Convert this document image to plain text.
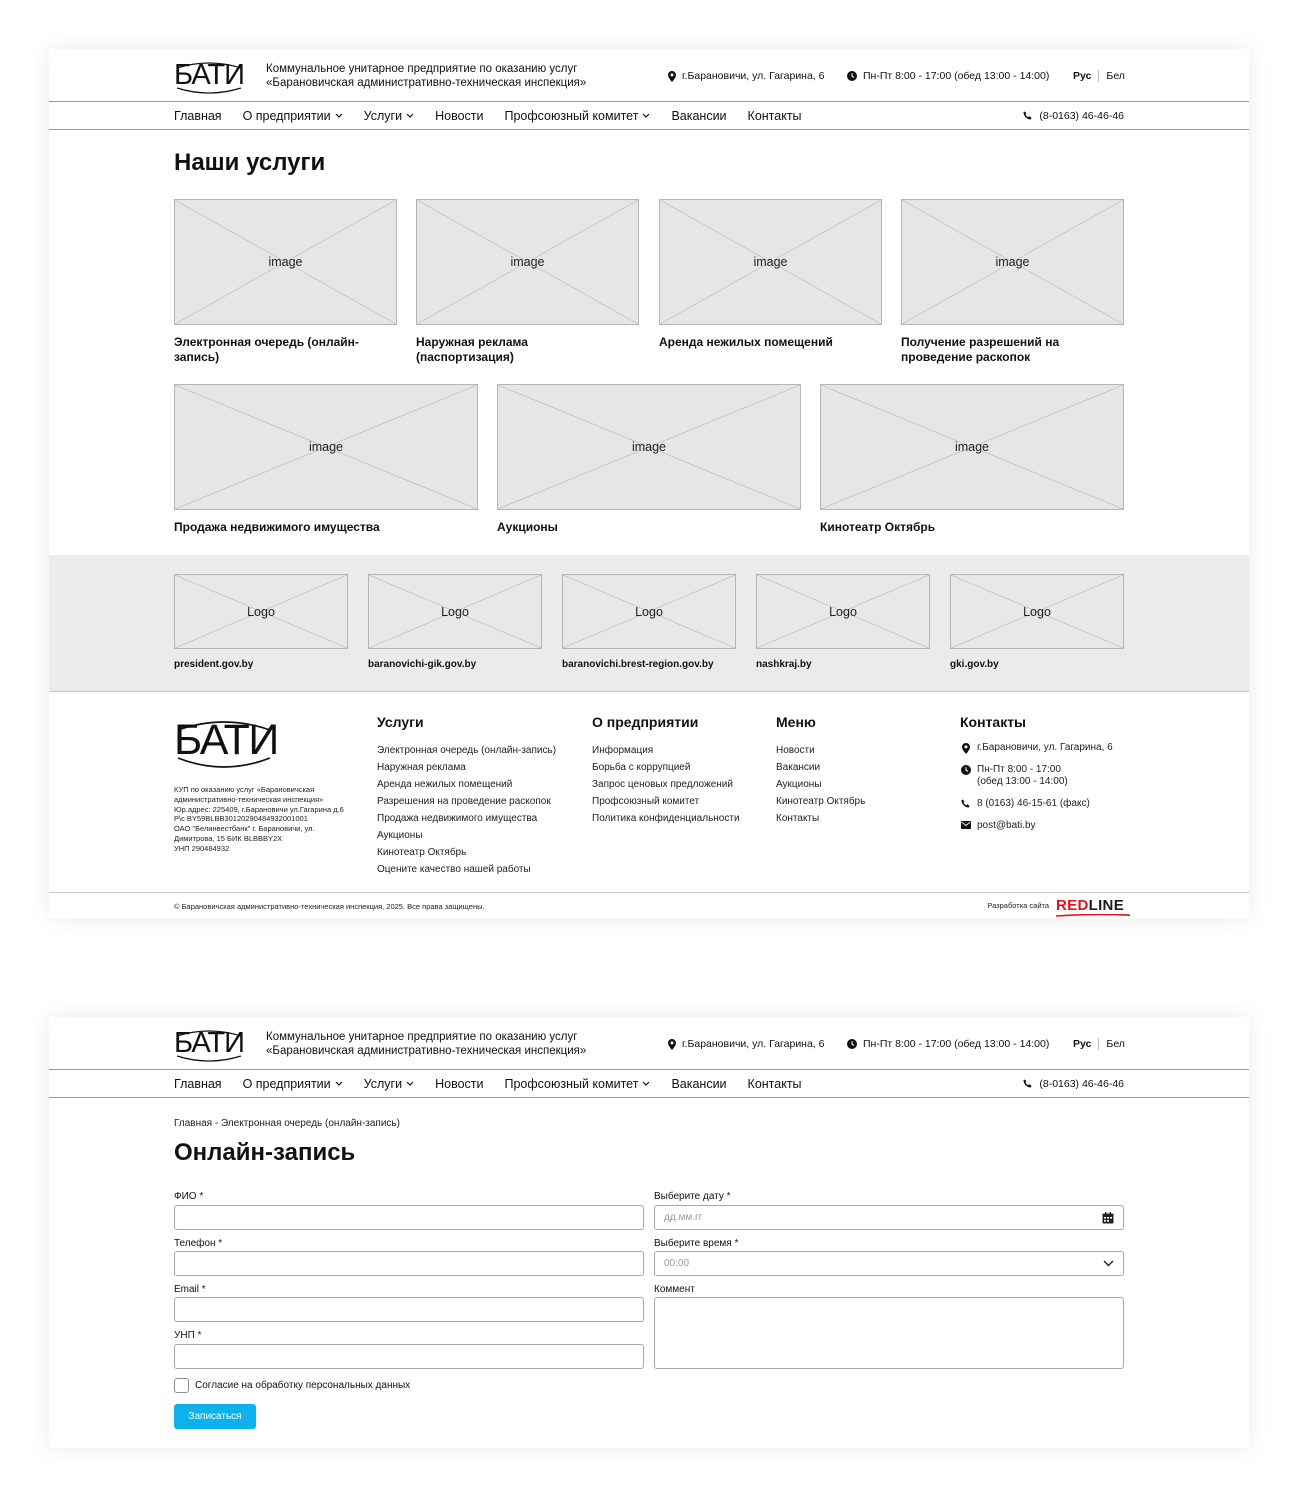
БАТИ Коммунальное унитарное предприятие по оказанию услуг
«Барановичская административно-техническая инспекция»
г.Барановичи, ул. Гагарина, 6	Пн-Пт 8:00 - 17:00 (обед 13:00 - 14:00) Рус Бел
Главная О предприятии	Услуги	Новости Профсоюзный комитет	Вакансии Контакты	(8-0163) 46-46-46
Наши услуги
image
Электронная очередь (онлайн-запись)
image
Наружная реклама (паспортизация)
image
Аренда нежилых помещений
image
Получение разрешений на проведение раскопок
image
Продажа недвижимого имущества
image
Аукционы
image
Кинотеатр Октябрь
Logo
president.gov.by
Logo
baranovichi-gik.gov.by
Logo
baranovichi.brest-region.gov.by
Logo
nashkraj.by
Logo
gki.gov.by
БАТИ
КУП по оказанию услуг «Барановичская
административно-техническая инспекция»
Юр.адрес: 225409, г.Барановичи ул.Гагарина д.6
Р\с BY59BLBB30120290484932001001
ОАО "Белинвестбанк" г. Барановичи, ул.
Димитрова, 15 БИК BLBBBY2X
УНП 290484932
Услуги
Электронная очередь (онлайн-запись)
Наружная реклама
Аренда нежилых помещений
Разрешения на проведение раскопок
Продажа недвижимого имущества
Аукционы
Кинотеатр Октябрь
Оцените качество нашей работы
О предприятии
Информация
Борьба с коррупцией
Запрос ценовых предложений
Профсоюзный комитет
Политика конфиденциальности
Меню
Новости
Вакансии
Аукционы
Кинотеатр Октябрь
Контакты
Контакты
г.Барановичи, ул. Гагарина, 6
Пн-Пт 8:00 - 17:00
(обед 13:00 - 14:00)
8 (0163) 46-15-61 (факс)
post@bati.by
© Барановичская административно-техническая инспекция, 2025. Все права защищены.	Разработка сайта REDLINE
БАТИ Коммунальное унитарное предприятие по оказанию услуг
«Барановичская административно-техническая инспекция»
г.Барановичи, ул. Гагарина, 6	Пн-Пт 8:00 - 17:00 (обед 13:00 - 14:00) Рус Бел
Главная О предприятии	Услуги	Новости Профсоюзный комитет	Вакансии Контакты	(8-0163) 46-46-46
Главная - Электронная очередь (онлайн-запись)
Онлайн-запись
ФИО *
Телефон *
Email *
УНП *
Выберите дату *
дд.мм.гг
Выберите время *
00:00
Коммент
Согласие на обработку персональных данных
Записаться
